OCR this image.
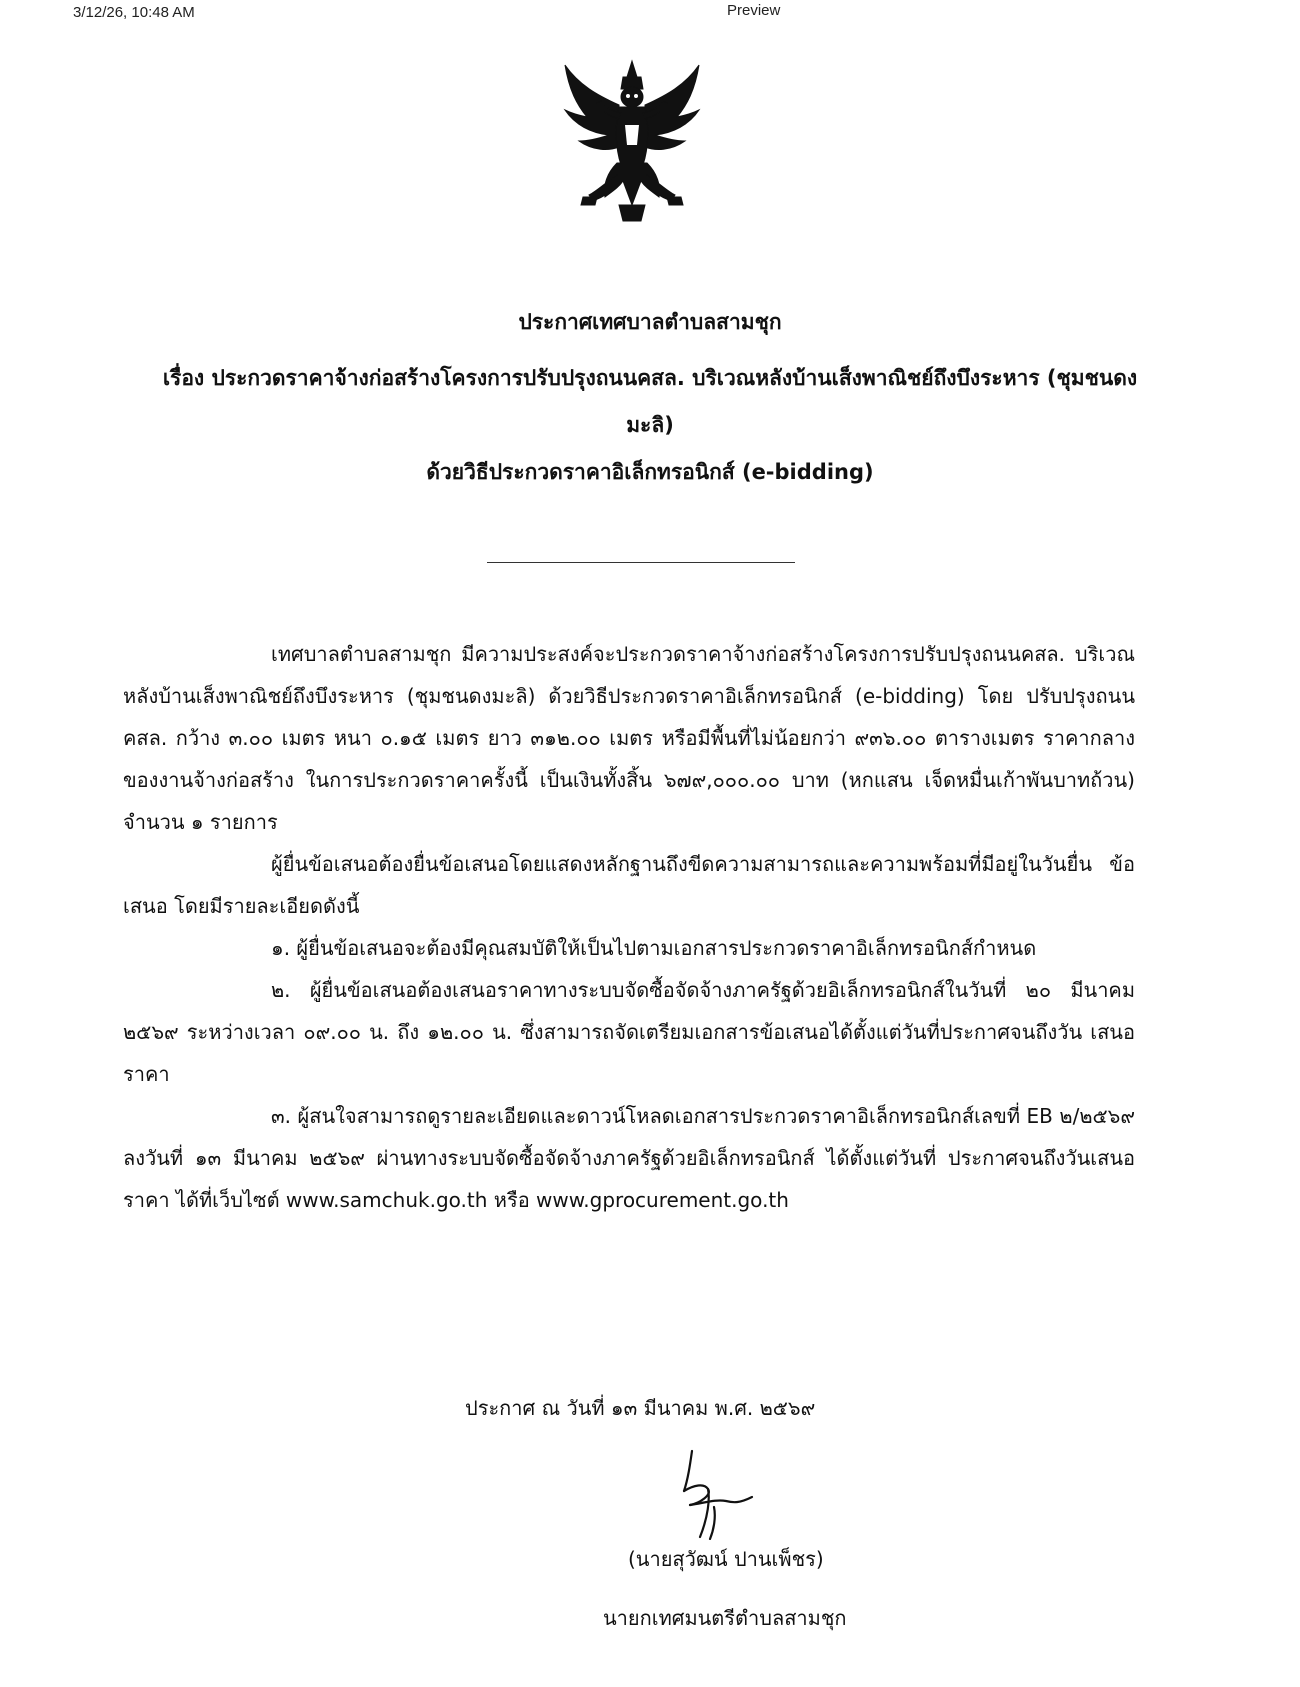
3/12/26, 10:48 AM	Preview
ประกาศเทศบาลตำบลสามชุก
เรื่อง ประกวดราคาจ้างก่อสร้างโครงการปรับปรุงถนนคสล. บริเวณหลังบ้านเส็งพาณิชย์ถึงบึงระหาร (ชุมชนดง
มะลิ)
ด้วยวิธีประกวดราคาอิเล็กทรอนิกส์ (e-bidding)

เทศบาลตำบลสามชุก มีความประสงค์จะประกวดราคาจ้างก่อสร้างโครงการปรับปรุงถนนคสล. บริเวณหลังบ้านเส็งพาณิชย์ถึงบึงระหาร (ชุมชนดงมะลิ) ด้วยวิธีประกวดราคาอิเล็กทรอนิกส์ (e-bidding) โดย ปรับปรุงถนน คสล. กว้าง ๓.๐๐ เมตร หนา ๐.๑๕ เมตร ยาว ๓๑๒.๐๐ เมตร หรือมีพื้นที่ไม่น้อยกว่า ๙๓๖.๐๐ ตารางเมตร ราคากลางของงานจ้างก่อสร้าง ในการประกวดราคาครั้งนี้ เป็นเงินทั้งสิ้น ๖๗๙,๐๐๐.๐๐ บาท (หกแสน เจ็ดหมื่นเก้าพันบาทถ้วน) จำนวน ๑ รายการ

ผู้ยื่นข้อเสนอต้องยื่นข้อเสนอโดยแสดงหลักฐานถึงขีดความสามารถและความพร้อมที่มีอยู่ในวันยื่น ข้อเสนอ โดยมีรายละเอียดดังนี้

๑. ผู้ยื่นข้อเสนอจะต้องมีคุณสมบัติให้เป็นไปตามเอกสารประกวดราคาอิเล็กทรอนิกส์กำหนด

๒. ผู้ยื่นข้อเสนอต้องเสนอราคาทางระบบจัดซื้อจัดจ้างภาครัฐด้วยอิเล็กทรอนิกส์ในวันที่ ๒๐ มีนาคม ๒๕๖๙ ระหว่างเวลา ๐๙.๐๐ น. ถึง ๑๒.๐๐ น. ซึ่งสามารถจัดเตรียมเอกสารข้อเสนอได้ตั้งแต่วันที่ประกาศจนถึงวัน เสนอราคา

๓. ผู้สนใจสามารถดูรายละเอียดและดาวน์โหลดเอกสารประกวดราคาอิเล็กทรอนิกส์เลขที่ EB ๒/๒๕๖๙ ลงวันที่ ๑๓ มีนาคม ๒๕๖๙ ผ่านทางระบบจัดซื้อจัดจ้างภาครัฐด้วยอิเล็กทรอนิกส์ ได้ตั้งแต่วันที่ ประกาศจนถึงวันเสนอราคา ได้ที่เว็บไซต์ www.samchuk.go.th หรือ www.gprocurement.go.th

ประกาศ ณ วันที่ ๑๓ มีนาคม พ.ศ. ๒๕๖๙
(นายสุวัฒน์ ปานเพ็ชร)
นายกเทศมนตรีตำบลสามชุก
